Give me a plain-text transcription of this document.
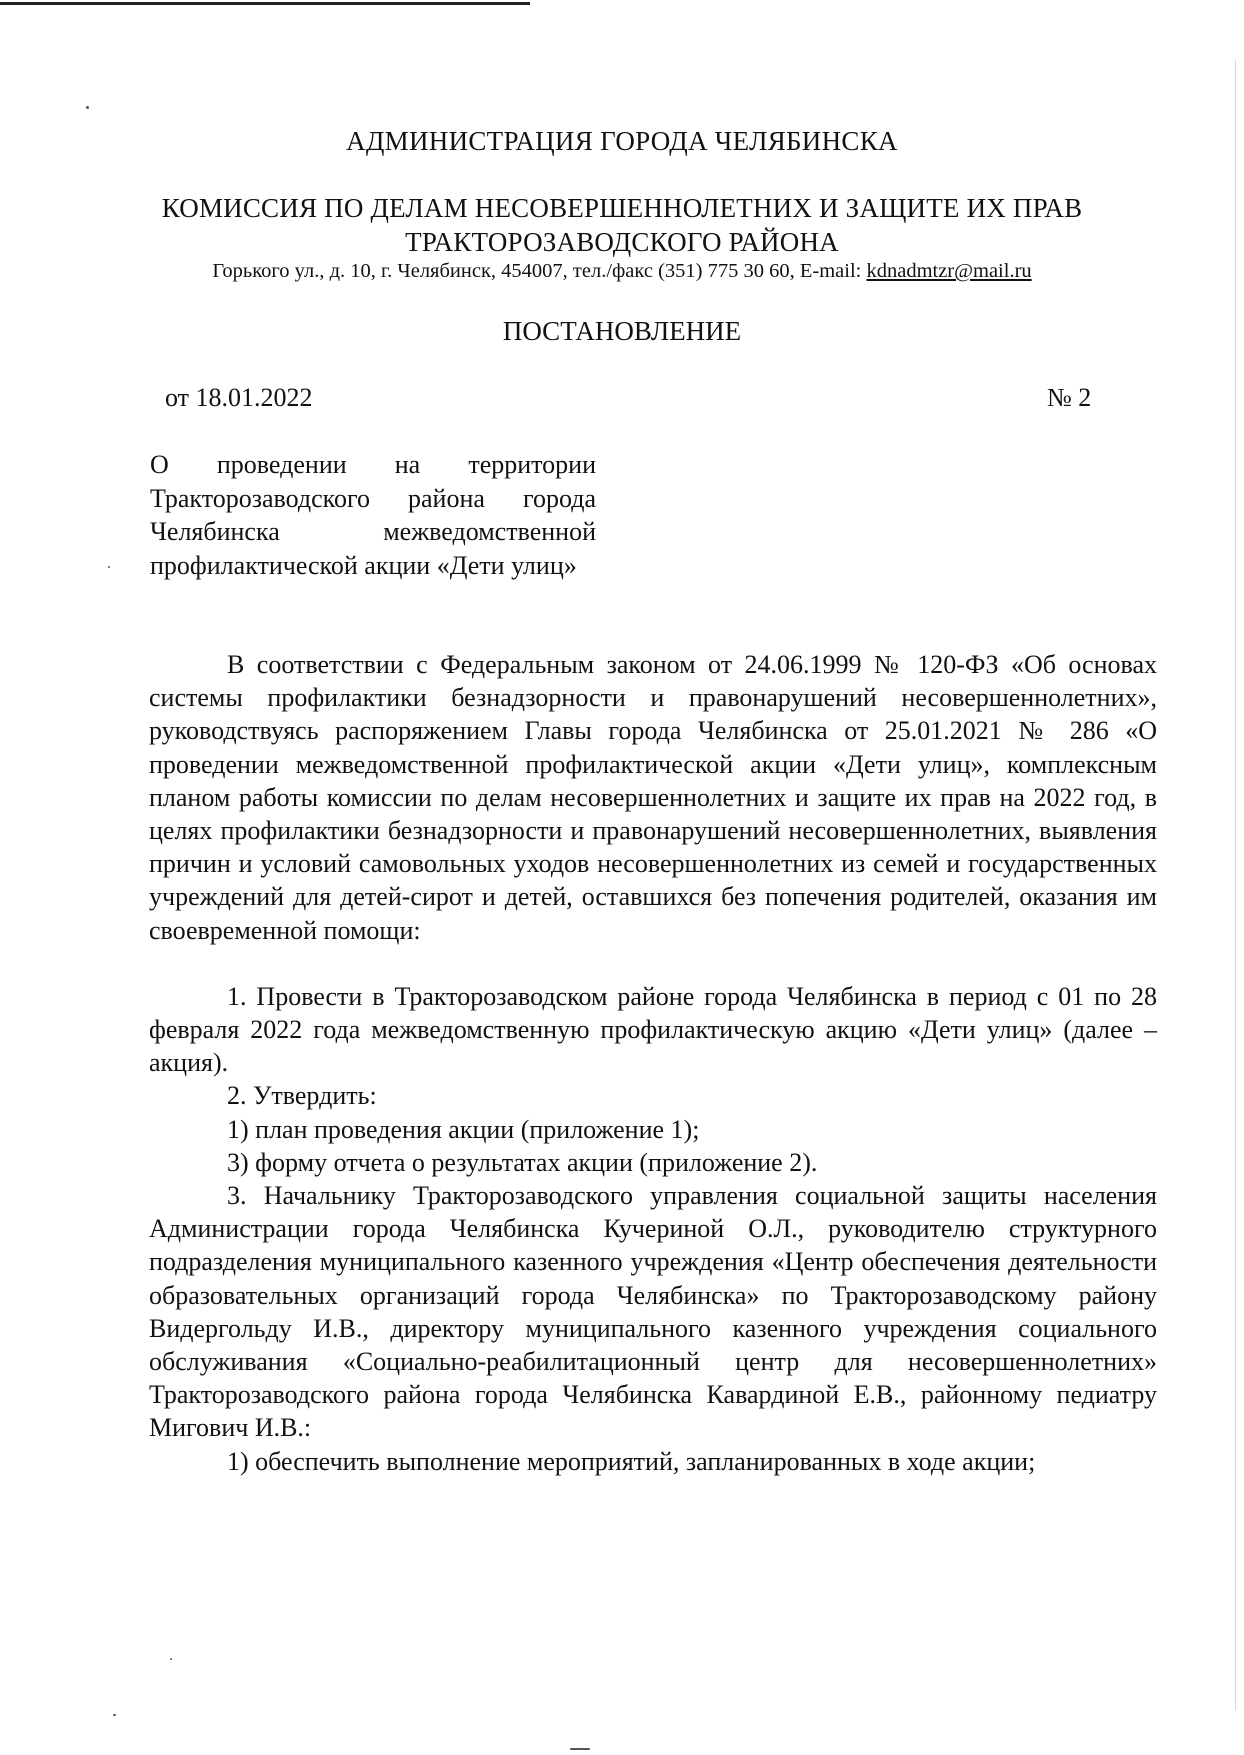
АДМИНИСТРАЦИЯ ГОРОДА ЧЕЛЯБИНСКА
КОМИССИЯ ПО ДЕЛАМ НЕСОВЕРШЕННОЛЕТНИХ И ЗАЩИТЕ ИХ ПРАВ
ТРАКТОРОЗАВОДСКОГО РАЙОНА
Горького ул., д. 10, г. Челябинск, 454007, тел./факс (351) 775 30 60, E-mail: kdnadmtzr@mail.ru
ПОСТАНОВЛЕНИЕ
от 18.01.2022	№ 2
О проведении на территории Тракторозаводского района города Челябинска межведомственной профилактической акции «Дети улиц»

В соответствии с Федеральным законом от 24.06.1999 № 120-ФЗ «Об основах системы профилактики безнадзорности и правонарушений несовершеннолетних», руководствуясь распоряжением Главы города Челябинска от 25.01.2021 № 286 «О проведении межведомственной профилактической акции «Дети улиц», комплексным планом работы комиссии по делам несовершеннолетних и защите их прав на 2022 год, в целях профилактики безнадзорности и правонарушений несовершеннолетних, выявления причин и условий самовольных уходов несовершеннолетних из семей и государственных учреждений для детей-сирот и детей, оставшихся без попечения родителей, оказания им своевременной помощи:

1. Провести в Тракторозаводском районе города Челябинска в период с 01 по 28 февраля 2022 года межведомственную профилактическую акцию «Дети улиц» (далее – акция).

2. Утвердить:

1) план проведения акции (приложение 1);

3) форму отчета о результатах акции (приложение 2).

3. Начальнику Тракторозаводского управления социальной защиты населения Администрации города Челябинска Кучериной О.Л., руководителю структурного подразделения муниципального казенного учреждения «Центр обеспечения деятельности образовательных организаций города Челябинска» по Тракторозаводскому району Видергольду И.В., директору муниципального казенного учреждения социального обслуживания «Социально-реабилитационный центр для несовершеннолетних» Тракторозаводского района города Челябинска Кавардиной Е.В., районному педиатру Мигович И.В.:

1) обеспечить выполнение мероприятий, запланированных в ходе акции;
